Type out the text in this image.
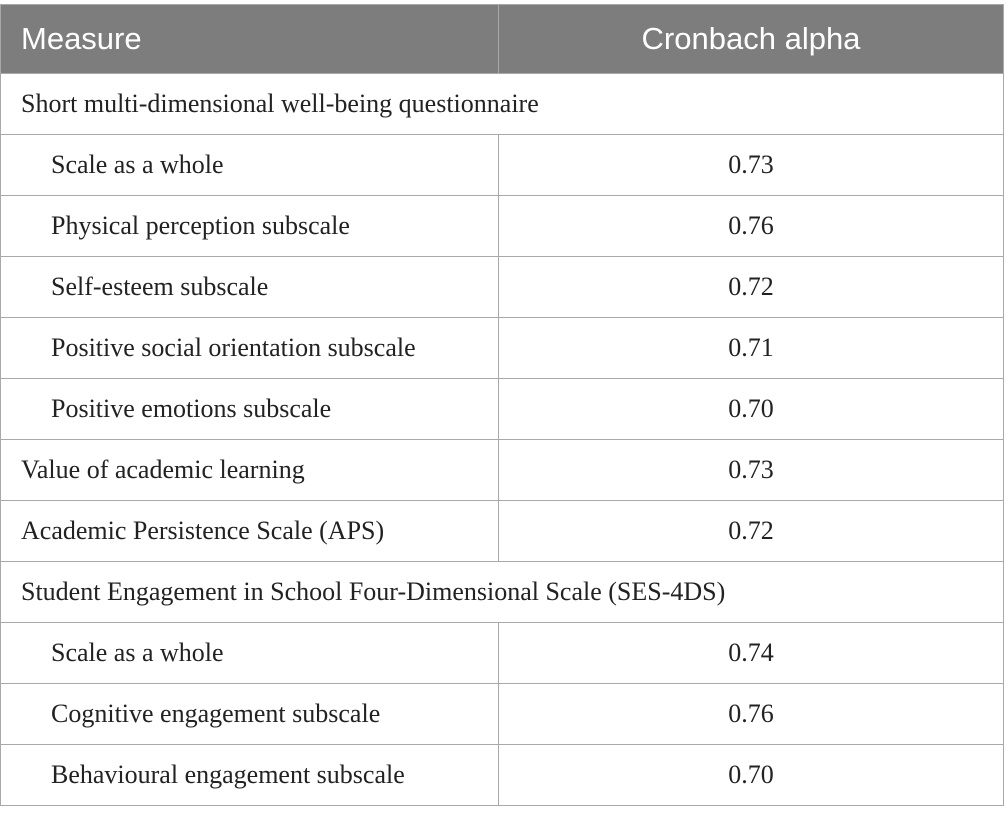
Measure	Cronbach alpha
Short multi-dimensional well-being questionnaire	
Scale as a whole	0.73
Physical perception subscale	0.76
Self-esteem subscale	0.72
Positive social orientation subscale	0.71
Positive emotions subscale	0.70
Value of academic learning	0.73
Academic Persistence Scale (APS)	0.72
Student Engagement in School Four-Dimensional Scale (SES-4DS)	
Scale as a whole	0.74
Cognitive engagement subscale	0.76
Behavioural engagement subscale	0.70
